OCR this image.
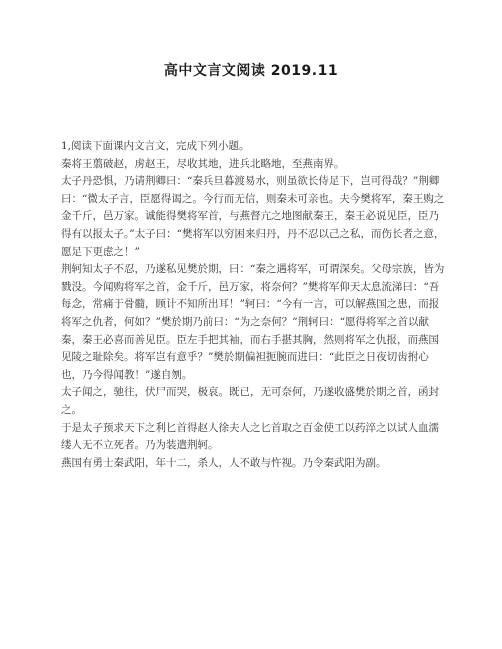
高中文言文阅读 2019.11

1,阅读下面课内文言文，完成下列小题。

秦将王翦破赵，虏赵王，尽收其地，进兵北略地，至燕南界。

太子丹恐惧，乃请荆卿曰：“秦兵旦暮渡易水，则虽欲长侍足下，岂可得哉？”荆卿曰：“微太子言，臣愿得谒之。今行而无信，则秦未可亲也。夫今樊将军，秦王购之金千斤，邑万家。诚能得樊将军首，与燕督亢之地图献秦王，秦王必说见臣，臣乃得有以报太子。”太子曰：“樊将军以穷困来归丹，丹不忍以己之私，而伤长者之意，愿足下更虑之！”

荆轲知太子不忍，乃遂私见樊於期，曰：“秦之遇将军，可谓深矣。父母宗族，皆为戮没。今闻购将军之首，金千斤，邑万家，将奈何？”樊将军仰天太息流涕曰：“吾每念，常痛于骨髓，顾计不知所出耳！”轲曰：“今有一言，可以解燕国之患，而报将军之仇者，何如？”樊於期乃前曰：“为之奈何？”荆轲曰：“愿得将军之首以献秦，秦王必喜而善见臣。臣左手把其袖，而右手揕其胸，然则将军之仇报，而燕国见陵之耻除矣。将军岂有意乎？”樊於期偏袒扼腕而进曰：“此臣之日夜切齿拊心也，乃今得闻教！”遂自刎。

太子闻之，驰往，伏尸而哭，极哀。既已，无可奈何，乃遂收盛樊於期之首，函封之。

于是太子预求天下之利匕首得赵人徐夫人之匕首取之百金使工以药淬之以试人血濡缕人无不立死者。乃为装遣荆轲。

燕国有勇士秦武阳，年十二，杀人，人不敢与忤视。乃令秦武阳为副。
